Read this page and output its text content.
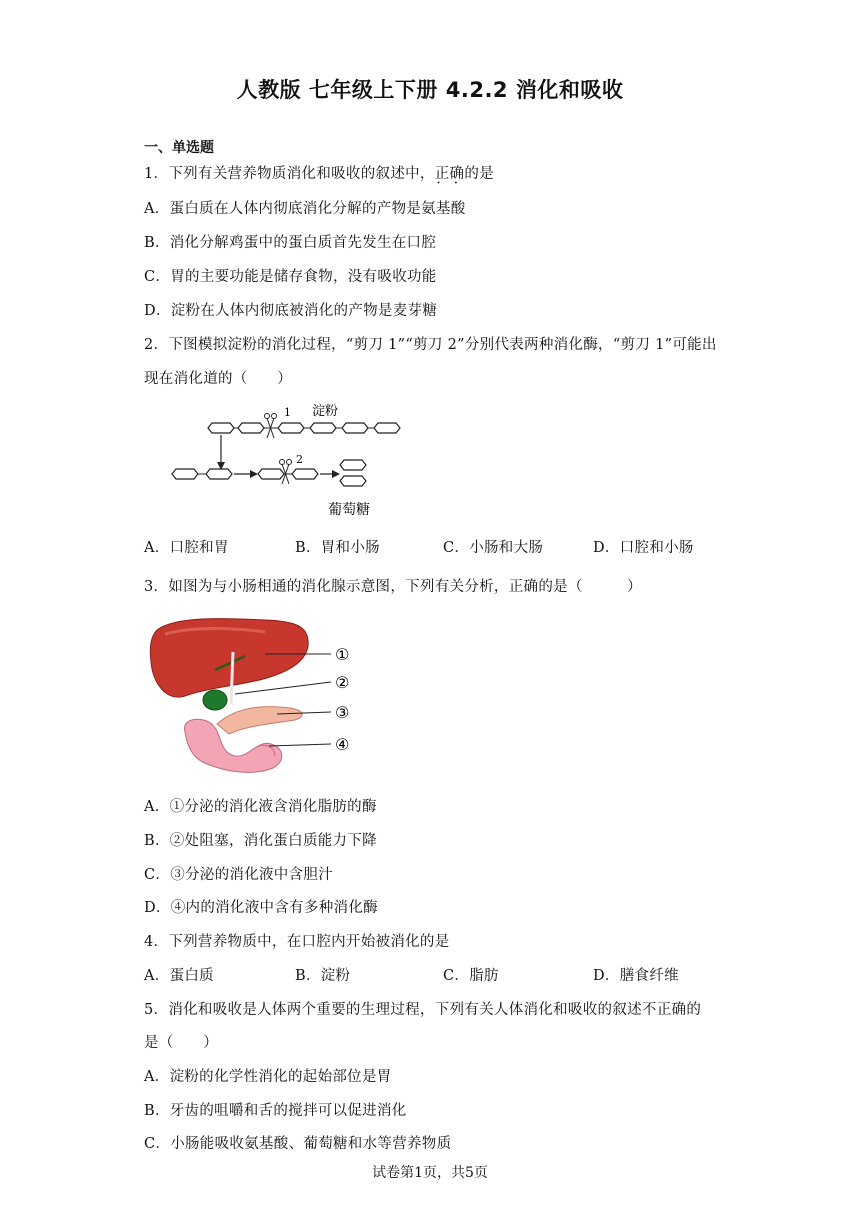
人教版 七年级上下册 4.2.2 消化和吸收
一、单选题
1．下列有关营养物质消化和吸收的叙述中，正确 • •的是
A．蛋白质在人体内彻底消化分解的产物是氨基酸
B．消化分解鸡蛋中的蛋白质首先发生在口腔
C．胃的主要功能是储存食物，没有吸收功能
D．淀粉在人体内彻底被消化的产物是麦芽糖
2．下图模拟淀粉的消化过程，“剪刀 1”“剪刀 2”分别代表两种消化酶，“剪刀 1”可能出
现在消化道的（　　）
1 淀粉
2
葡萄糖
A．口腔和胃	B．胃和小肠	C．小肠和大肠	D．口腔和小肠
3．如图为与小肠相通的消化腺示意图，下列有关分析，正确的是（　　　）
①
②
③
④
A．①分泌的消化液含消化脂肪的酶
B．②处阻塞，消化蛋白质能力下降
C．③分泌的消化液中含胆汁
D．④内的消化液中含有多种消化酶
4．下列营养物质中，在口腔内开始被消化的是
A．蛋白质	B．淀粉	C．脂肪	D．膳食纤维
5．消化和吸收是人体两个重要的生理过程，下列有关人体消化和吸收的叙述不正确的
是（　　）
A．淀粉的化学性消化的起始部位是胃
B．牙齿的咀嚼和舌的搅拌可以促进消化
C．小肠能吸收氨基酸、葡萄糖和水等营养物质
试卷第1页，共5页
